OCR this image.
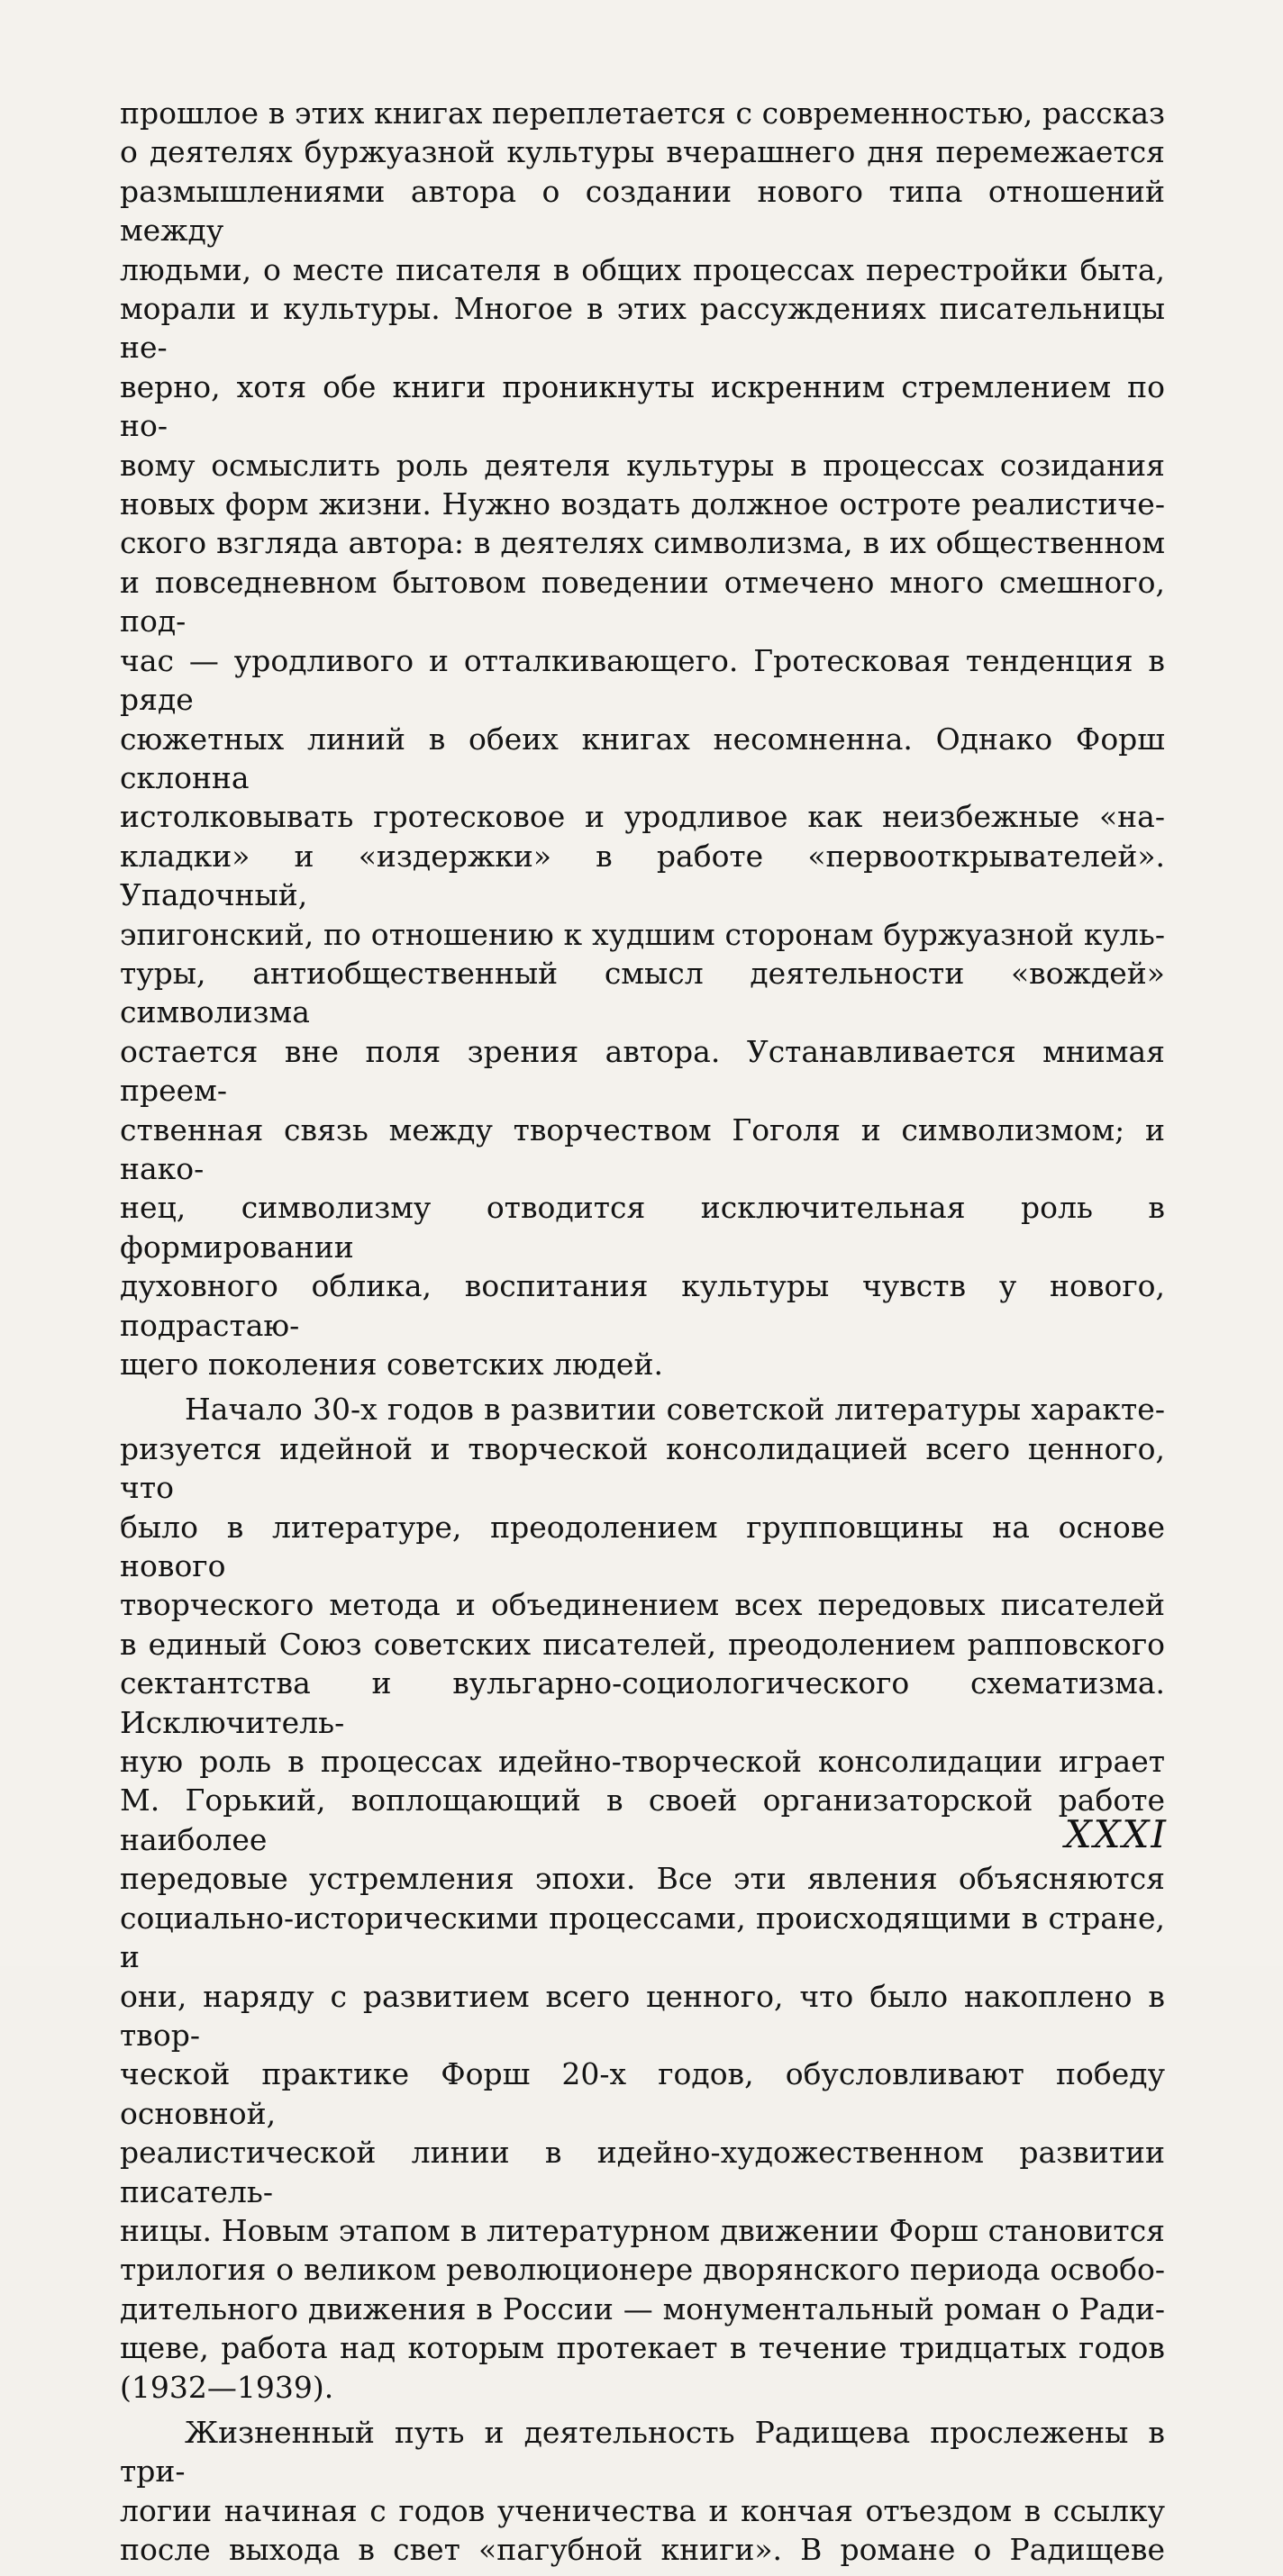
прошлое в этих книгах переплетается с современностью, рассказ
о деятелях буржуазной культуры вчерашнего дня перемежается
размышлениями автора о создании нового типа отношений между
людьми, о месте писателя в общих процессах перестройки быта,
морали и культуры. Многое в этих рассуждениях писательницы не-
верно, хотя обе книги проникнуты искренним стремлением по но-
вому осмыслить роль деятеля культуры в процессах созидания
новых форм жизни. Нужно воздать должное остроте реалистиче-
ского взгляда автора: в деятелях символизма, в их общественном
и повседневном бытовом поведении отмечено много смешного, под-
час — уродливого и отталкивающего. Гротесковая тенденция в ряде
сюжетных линий в обеих книгах несомненна. Однако Форш склонна
истолковывать гротесковое и уродливое как неизбежные «на-
кладки» и «издержки» в работе «первооткрывателей». Упадочный,
эпигонский, по отношению к худшим сторонам буржуазной куль-
туры, антиобщественный смысл деятельности «вождей» символизма
остается вне поля зрения автора. Устанавливается мнимая преем-
ственная связь между творчеством Гоголя и символизмом; и нако-
нец, символизму отводится исключительная роль в формировании
духовного облика, воспитания культуры чувств у нового, подрастаю-
щего поколения советских людей.
Начало 30-х годов в развитии советской литературы характе-
ризуется идейной и творческой консолидацией всего ценного, что
было в литературе, преодолением групповщины на основе нового
творческого метода и объединением всех передовых писателей
в единый Союз советских писателей, преодолением рапповского
сектантства и вульгарно-социологического схематизма. Исключитель-
ную роль в процессах идейно-творческой консолидации играет
М. Горький, воплощающий в своей организаторской работе наиболее
передовые устремления эпохи. Все эти явления объясняются
социально-историческими процессами, происходящими в стране, и
они, наряду с развитием всего ценного, что было накоплено в твор-
ческой практике Форш 20-х годов, обусловливают победу основной,
реалистической линии в идейно-художественном развитии писатель-
ницы. Новым этапом в литературном движении Форш становится
трилогия о великом революционере дворянского периода освобо-
дительного движения в России — монументальный роман о Ради-
щеве, работа над которым протекает в течение тридцатых годов
(1932—1939).
Жизненный путь и деятельность Радищева прослежены в три-
логии начиная с годов ученичества и кончая отъездом в ссылку
после выхода в свет «пагубной книги». В романе о Радищеве
XXXI
